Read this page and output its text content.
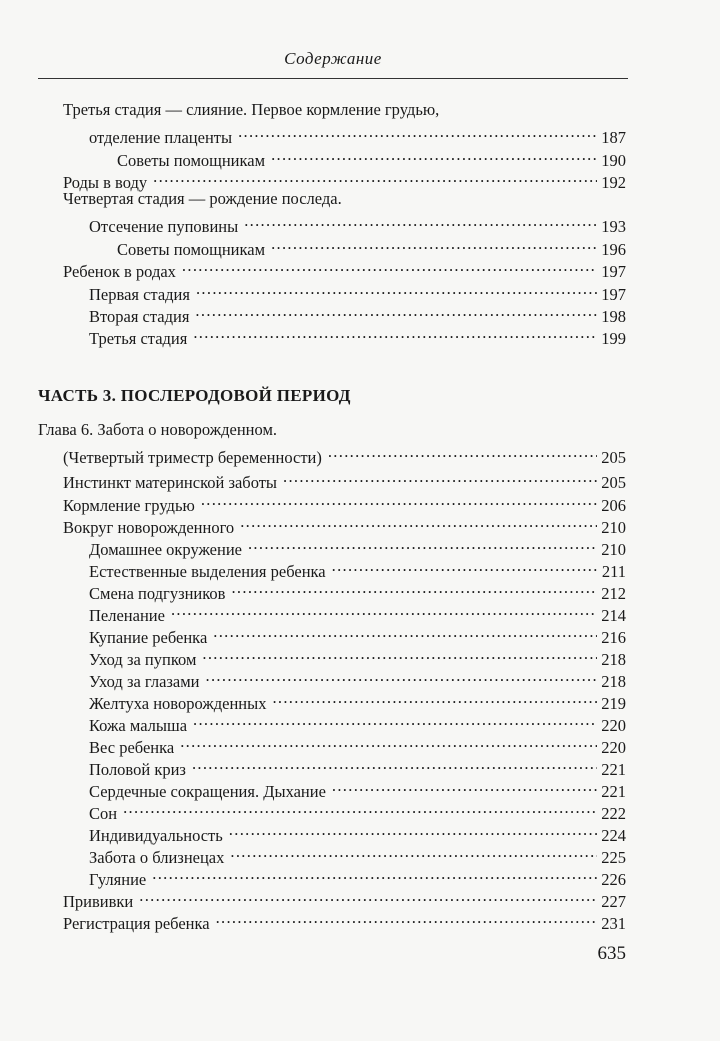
Содержание
Третья стадия — слияние. Первое кормление грудью,
отделение плаценты . . .	187
Советы помощникам . . .	190
Роды в воду . . .	192
Четвертая стадия — рождение последа.
Отсечение пуповины . . .	193
Советы помощникам . . .	196
Ребенок в родах . . .	197
Первая стадия . . .	197
Вторая стадия . . .	198
Третья стадия . . .	199
ЧАСТЬ 3. ПОСЛЕРОДОВОЙ ПЕРИОД
Глава 6. Забота о новорожденном.
(Четвертый триместр беременности) . . .	205
Инстинкт материнской заботы . . .	205
Кормление грудью . . .	206
Вокруг новорожденного . . .	210
Домашнее окружение . . .	210
Естественные выделения ребенка . . .	211
Смена подгузников . . .	212
Пеленание . . .	214
Купание ребенка . . .	216
Уход за пупком . . .	218
Уход за глазами . . .	218
Желтуха новорожденных . . .	219
Кожа малыша . . .	220
Вес ребенка . . .	220
Половой криз . . .	221
Сердечные сокращения. Дыхание . . .	221
Сон . . .	222
Индивидуальность . . .	224
Забота о близнецах . . .	225
Гуляние . . .	226
Прививки . . .	227
Регистрация ребенка . . .	231
635
